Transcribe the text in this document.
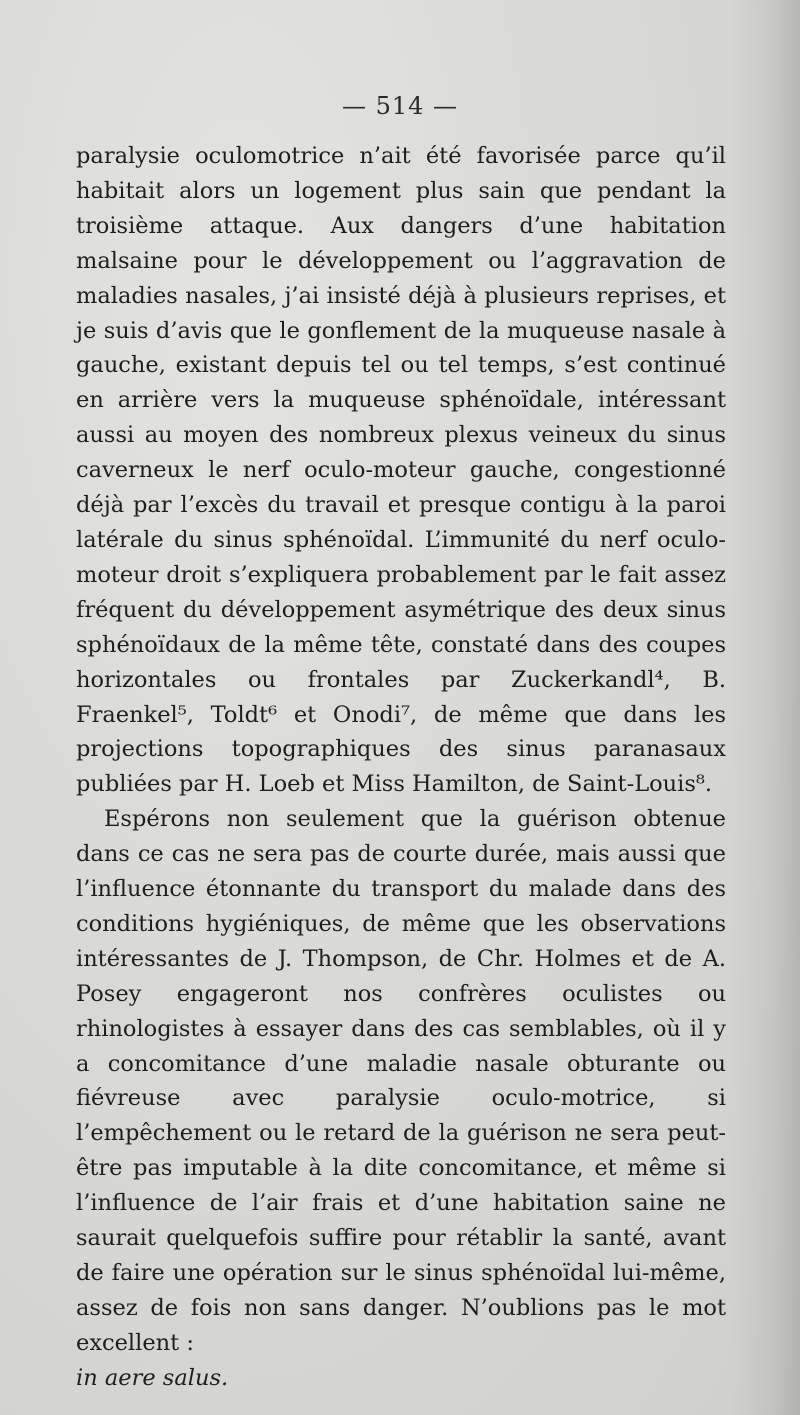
— 514 —

paralysie oculomotrice n’ait été favorisée parce qu’il habitait alors un logement plus sain que pendant la troisième attaque. Aux dangers d’une habitation malsaine pour le développement ou l’aggravation de maladies nasales, j’ai insisté déjà à plusieurs reprises, et je suis d’avis que le gonflement de la muqueuse nasale à gauche, existant depuis tel ou tel temps, s’est continué en arrière vers la muqueuse sphénoïdale, intéressant aussi au moyen des nombreux plexus veineux du sinus caverneux le nerf oculo-moteur gauche, congestionné déjà par l’excès du travail et presque contigu à la paroi latérale du sinus sphénoïdal. L’immunité du nerf oculo-moteur droit s’expliquera probablement par le fait assez fréquent du développement asymétrique des deux sinus sphénoïdaux de la même tête, constaté dans des coupes horizontales ou frontales par Zuckerkandl⁴, B. Fraenkel⁵, Toldt⁶ et Onodi⁷, de même que dans les projections topographiques des sinus paranasaux publiées par H. Loeb et Miss Hamilton, de Saint-Louis⁸.

Espérons non seulement que la guérison obtenue dans ce cas ne sera pas de courte durée, mais aussi que l’influence étonnante du transport du malade dans des conditions hygiéniques, de même que les observations intéressantes de J. Thompson, de Chr. Holmes et de A. Posey engageront nos confrères oculistes ou rhinologistes à essayer dans des cas semblables, où il y a concomitance d’une maladie nasale obturante ou fiévreuse avec paralysie oculo-motrice, si l’empêchement ou le retard de la guérison ne sera peut-être pas imputable à la dite concomitance, et même si l’influence de l’air frais et d’une habitation saine ne saurait quelquefois suffire pour rétablir la santé, avant de faire une opération sur le sinus sphénoïdal lui-même, assez de fois non sans danger. N’oublions pas le mot excellent :
in aere salus.
